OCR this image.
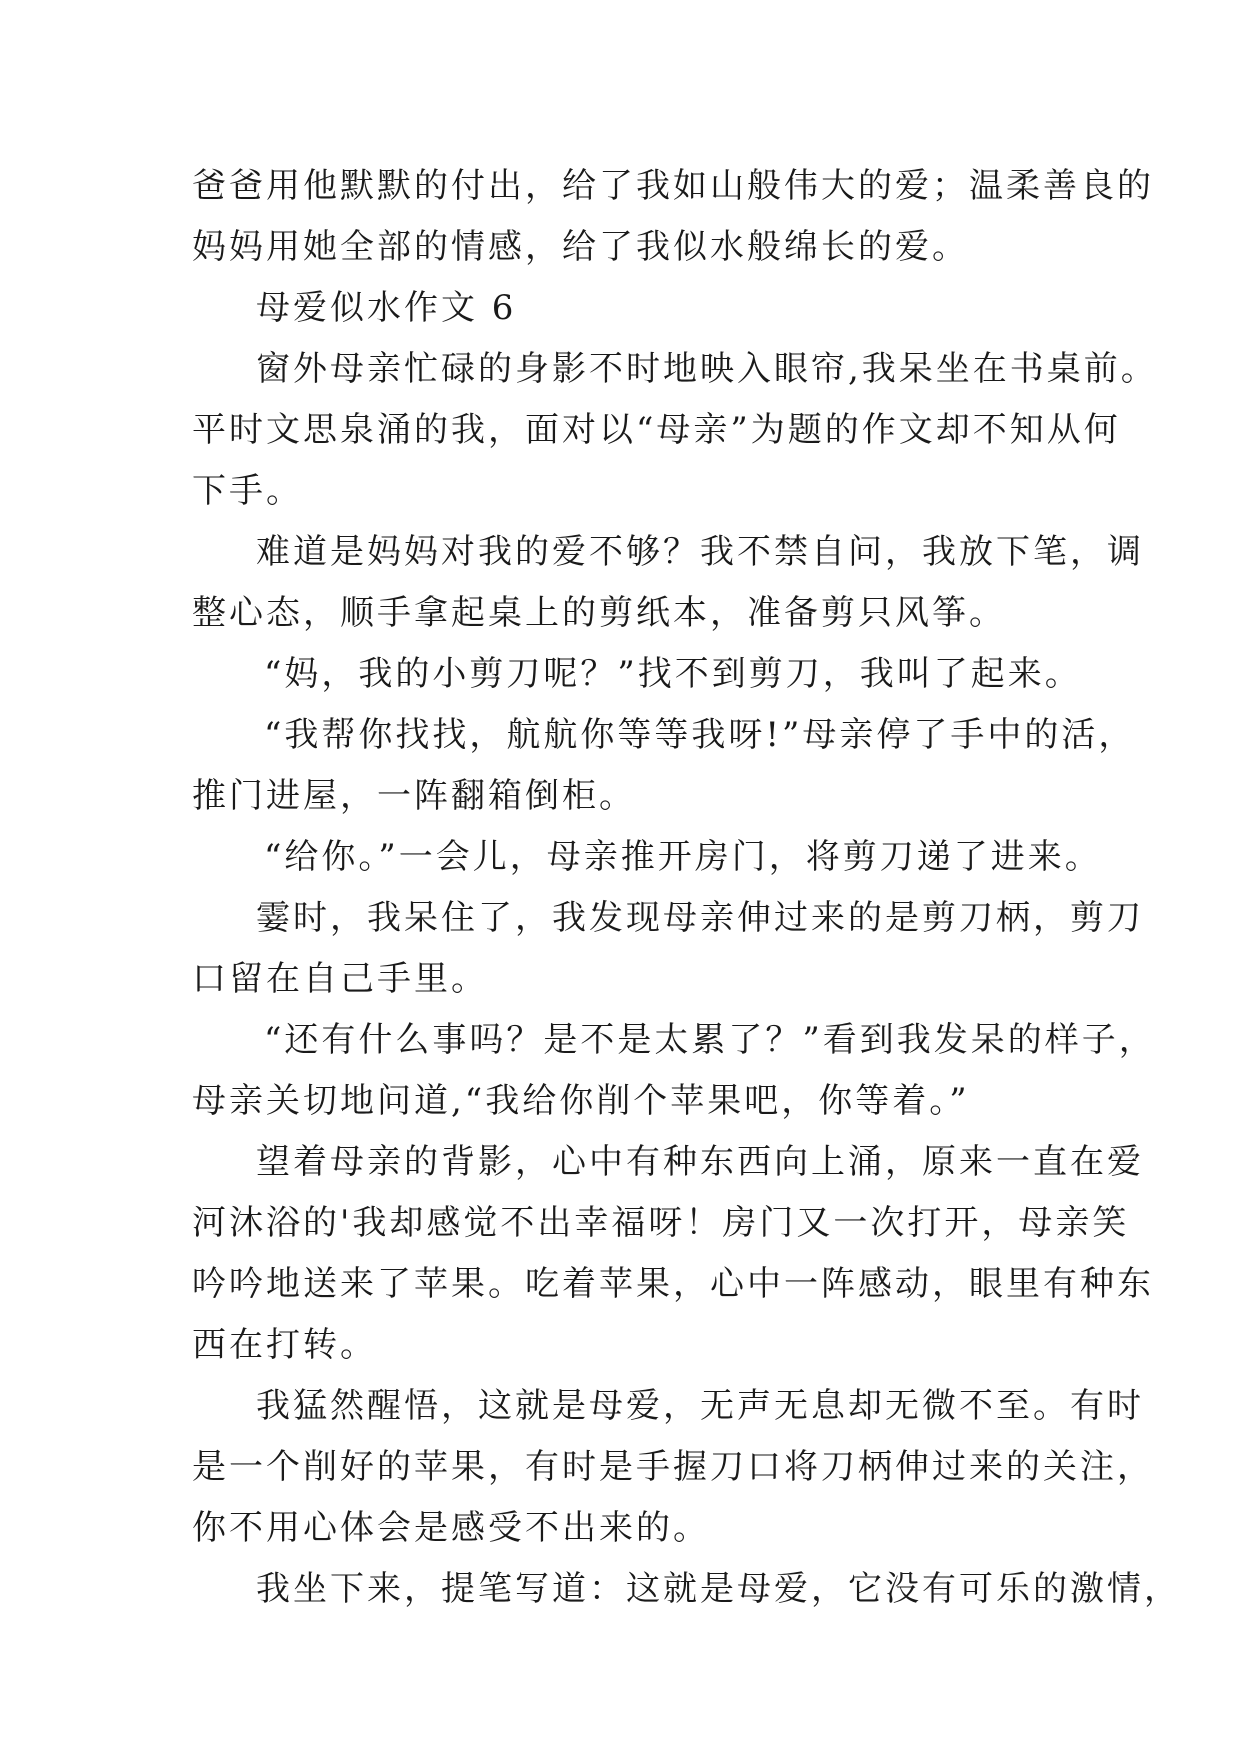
爸爸用他默默的付出，给了我如山般伟大的爱；温柔善良的

妈妈用她全部的情感，给了我似水般绵长的爱。

母爱似水作文 6

窗外母亲忙碌的身影不时地映入眼帘,我呆坐在书桌前。

平时文思泉涌的我，面对以“母亲”为题的作文却不知从何

下手。

难道是妈妈对我的爱不够？我不禁自问，我放下笔，调

整心态，顺手拿起桌上的剪纸本，准备剪只风筝。

“妈，我的小剪刀呢？”找不到剪刀，我叫了起来。

“我帮你找找，航航你等等我呀!”母亲停了手中的活，

推门进屋，一阵翻箱倒柜。

“给你。”一会儿，母亲推开房门，将剪刀递了进来。

霎时，我呆住了，我发现母亲伸过来的是剪刀柄，剪刀

口留在自己手里。

“还有什么事吗？是不是太累了？”看到我发呆的样子，

母亲关切地问道,“我给你削个苹果吧，你等着。”

望着母亲的背影，心中有种东西向上涌，原来一直在爱

河沐浴的'我却感觉不出幸福呀！房门又一次打开，母亲笑

吟吟地送来了苹果。吃着苹果，心中一阵感动，眼里有种东

西在打转。

我猛然醒悟，这就是母爱，无声无息却无微不至。有时

是一个削好的苹果，有时是手握刀口将刀柄伸过来的关注，

你不用心体会是感受不出来的。

我坐下来，提笔写道：这就是母爱，它没有可乐的激情，
